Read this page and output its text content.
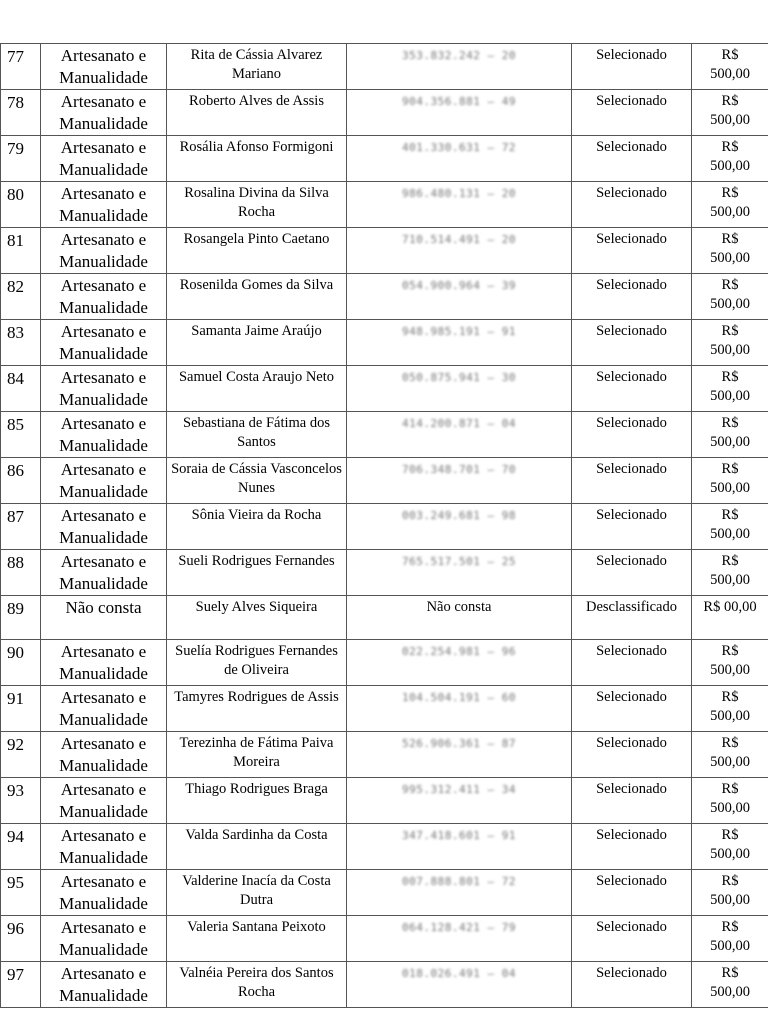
77	Artesanato e
Manualidade	Rita de Cássia Alvarez Mariano	353.832.242 – 20	Selecionado	R$
500,00
78	Artesanato e
Manualidade	Roberto Alves de Assis	904.356.881 – 49	Selecionado	R$
500,00
79	Artesanato e
Manualidade	Rosália Afonso Formigoni	401.330.631 – 72	Selecionado	R$
500,00
80	Artesanato e
Manualidade	Rosalina Divina da Silva Rocha	986.480.131 – 20	Selecionado	R$
500,00
81	Artesanato e
Manualidade	Rosangela Pinto Caetano	710.514.491 – 20	Selecionado	R$
500,00
82	Artesanato e
Manualidade	Rosenilda Gomes da Silva	054.900.964 – 39	Selecionado	R$
500,00
83	Artesanato e
Manualidade	Samanta Jaime Araújo	948.985.191 – 91	Selecionado	R$
500,00
84	Artesanato e
Manualidade	Samuel Costa Araujo Neto	050.875.941 – 30	Selecionado	R$
500,00
85	Artesanato e
Manualidade	Sebastiana de Fátima dos Santos	414.200.871 – 04	Selecionado	R$
500,00
86	Artesanato e
Manualidade	Soraia de Cássia Vasconcelos Nunes	706.348.701 – 70	Selecionado	R$
500,00
87	Artesanato e
Manualidade	Sônia Vieira da Rocha	003.249.681 – 98	Selecionado	R$
500,00
88	Artesanato e
Manualidade	Sueli Rodrigues Fernandes	765.517.501 – 25	Selecionado	R$
500,00
89	Não consta	Suely Alves Siqueira	Não consta	Desclassificado	R$ 00,00
90	Artesanato e
Manualidade	Suelía Rodrigues Fernandes de Oliveira	022.254.981 – 96	Selecionado	R$
500,00
91	Artesanato e
Manualidade	Tamyres Rodrigues de Assis	104.504.191 – 60	Selecionado	R$
500,00
92	Artesanato e
Manualidade	Terezinha de Fátima Paiva Moreira	526.906.361 – 87	Selecionado	R$
500,00
93	Artesanato e
Manualidade	Thiago Rodrigues Braga	995.312.411 – 34	Selecionado	R$
500,00
94	Artesanato e
Manualidade	Valda Sardinha da Costa	347.418.601 – 91	Selecionado	R$
500,00
95	Artesanato e
Manualidade	Valderine Inacía da Costa Dutra	007.888.801 – 72	Selecionado	R$
500,00
96	Artesanato e
Manualidade	Valeria Santana Peixoto	064.128.421 – 79	Selecionado	R$
500,00
97	Artesanato e
Manualidade	Valnéia Pereira dos Santos Rocha	018.026.491 – 04	Selecionado	R$
500,00
